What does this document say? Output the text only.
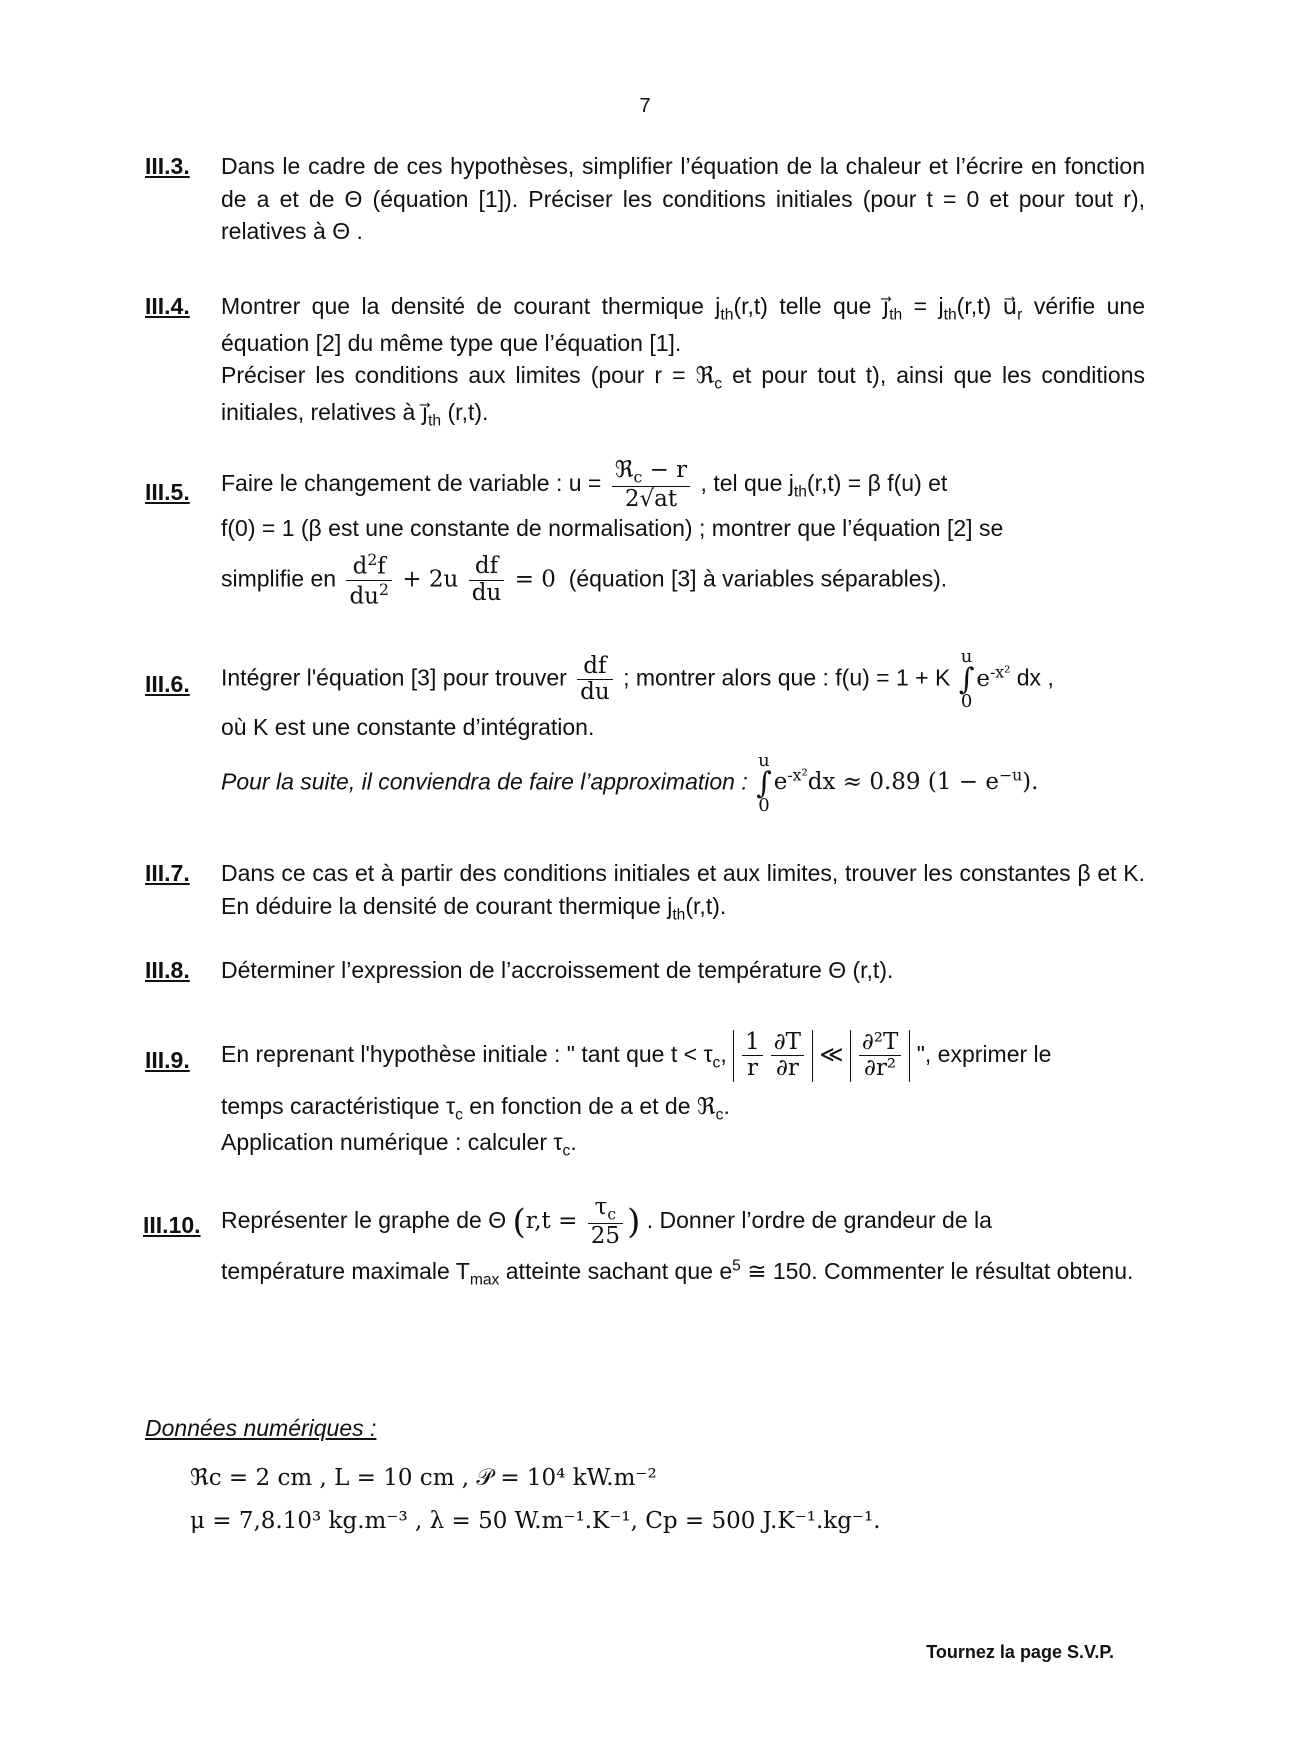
7
III.3. Dans le cadre de ces hypothèses, simplifier l’équation de la chaleur et l’écrire en fonction de a et de Θ (équation [1]). Préciser les conditions initiales (pour t = 0 et pour tout r), relatives à Θ .

III.4. Montrer que la densité de courant thermique $j_{th}(r,t)$ telle que $j⃗_{th} = j_{th}(r,t)$ $u⃗_r$ vérifie une équation [2] du même type que l’équation [1].

Préciser les conditions aux limites (pour r = ℜ$_c$ et pour tout t), ainsi que les conditions initiales, relatives à $j⃗_{th}$ (r,t).

III.5. Faire le changement de variable : $u = \frac{ℜ_c - r}{2√at}$ , tel que $j_{th}(r,t) = \beta$ f(u) et

f(0) = 1 (β est une constante de normalisation) ; montrer que l’équation [2] se

simplifie en $\frac{d^2f}{du^2} + 2u \frac{df}{du} = 0$ (équation [3] à variables séparables).

III.6. Intégrer l'équation [3] pour trouver $\frac{df}{du}$ ; montrer alors que : f(u) = 1 + K u
∫
$0e^{-x^2}$ dx ,

où K est une constante d’intégration.

Pour la suite, il conviendra de faire l’approximation : u
∫
$0e^{-x^2}dx \approx 0.89$ $(1 - e^{-u})$.

III.7. Dans ce cas et à partir des conditions initiales et aux limites, trouver les constantes β et K. En déduire la densité de courant thermique $j_{th}(r,t)$.

III.8. Déterminer l’expression de l’accroissement de température Θ (r,t).

III.9. En reprenant l'hypothèse initiale : " tant que $t < \tau_c$, $\frac{1}{r} \frac{\partial T}{\partial r}$ ≪ $\frac{\text{∂²T}}{\text{∂r²}}$ ", exprimer le

temps caractéristique $\tau_c$ en fonction de a et de ℜ$_c$.

Application numérique : calculer $\tau_c$.

III.10. Représenter le graphe de Θ ($r,t = \frac{\tau_c}{25}$ ) . Donner l’ordre de grandeur de la

température maximale $T_{max}$ atteinte sachant que $e^5$ ≅ 150. Commenter le résultat obtenu.

Données numériques :
ℜc = 2 cm , L = 10 cm , 𝒫 = 10⁴ kW.m⁻²
μ = 7,8.10³ kg.m⁻³ , λ = 50 W.m⁻¹.K⁻¹, Cp = 500 J.K⁻¹.kg⁻¹.
Tournez la page S.V.P.
